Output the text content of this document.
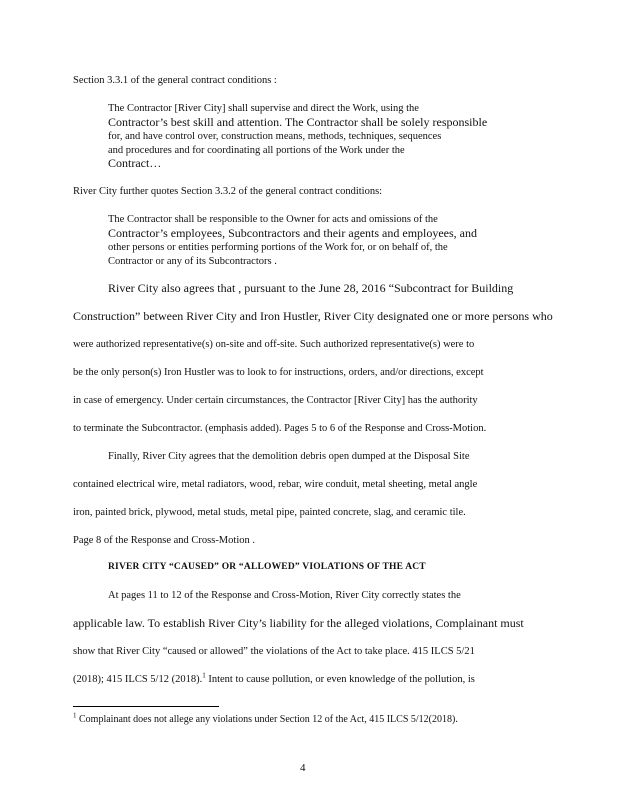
Section 3.3.1 of the general contract conditions :
The Contractor [River City] shall supervise and direct the Work, using the
Contractor’s best skill and attention. The Contractor shall be solely responsible
for, and have control over, construction means, methods, techniques, sequences
and procedures and for coordinating all portions of the Work under the
Contract…
River City further quotes Section 3.3.2 of the general contract conditions:
The Contractor shall be responsible to the Owner for acts and omissions of the
Contractor’s employees, Subcontractors and their agents and employees, and
other persons or entities performing portions of the Work for, or on behalf of, the
Contractor or any of its Subcontractors .
River City also agrees that , pursuant to the June 28, 2016 “Subcontract for Building
Construction” between River City and Iron Hustler, River City designated one or more persons who
were authorized representative(s) on-site and off-site. Such authorized representative(s) were to
be the only person(s) Iron Hustler was to look to for instructions, orders, and/or directions, except
in case of emergency. Under certain circumstances, the Contractor [River City] has the authority
to terminate the Subcontractor. (emphasis added). Pages 5 to 6 of the Response and Cross-Motion.
Finally, River City agrees that the demolition debris open dumped at the Disposal Site
contained electrical wire, metal radiators, wood, rebar, wire conduit, metal sheeting, metal angle
iron, painted brick, plywood, metal studs, metal pipe, painted concrete, slag, and ceramic tile.
Page 8 of the Response and Cross-Motion .
RIVER CITY “CAUSED” OR “ALLOWED” VIOLATIONS OF THE ACT
At pages 11 to 12 of the Response and Cross-Motion, River City correctly states the
applicable law. To establish River City’s liability for the alleged violations, Complainant must
show that River City “caused or allowed” the violations of the Act to take place. 415 ILCS 5/21
(2018); 415 ILCS 5/12 (2018).$^1$ Intent to cause pollution, or even knowledge of the pollution, is
$^1$ Complainant does not allege any violations under Section 12 of the Act, 415 ILCS 5/12(2018).
4
